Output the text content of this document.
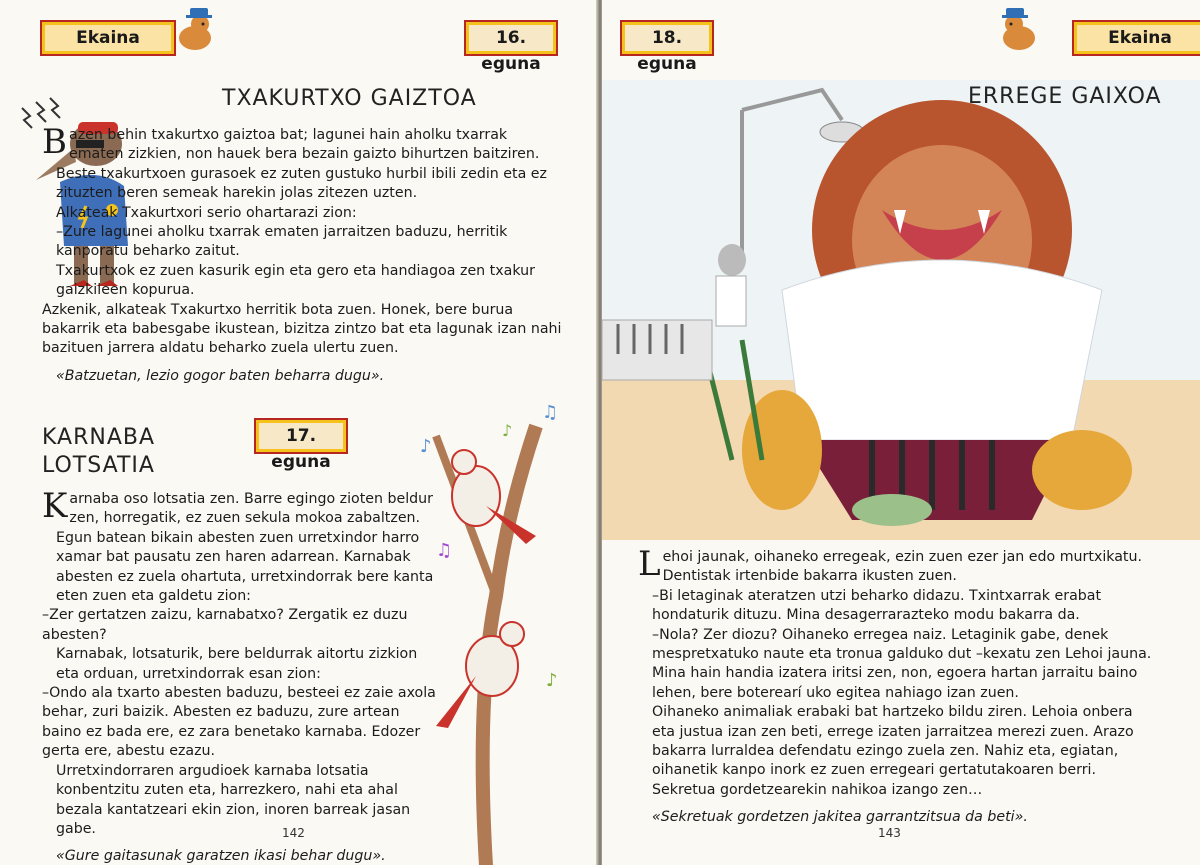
Ekaina	16. eguna
TXAKURTXO GAIZTOA

Bazen behin txakurtxo gaiztoa bat; lagunei hain aholku txarrak ematen zizkien, non hauek bera bezain gaizto bihurtzen baitziren.

Beste txakurtxoen gurasoek ez zuten gustuko hurbil ibili zedin eta ez zituzten beren semeak harekin jolas zitezen uzten.

Alkateak Txakurtxori serio ohartarazi zion:

–Zure lagunei aholku txarrak ematen jarraitzen baduzu, herritik kanporatu beharko zaitut.

Txakurtxok ez zuen kasurik egin eta gero eta handiagoa zen txakur gaizkileen kopurua.

Azkenik, alkateak Txakurtxo herritik bota zuen. Honek, bere burua bakarrik eta babesgabe ikustean, bizitza zintzo bat eta lagunak izan nahi bazituen jarrera aldatu beharko zuela ulertu zuen.

«Batzuetan, lezio gogor baten beharra dugu».

KARNABA
LOTSATIA
17. eguna

Karnaba oso lotsatia zen. Barre egingo zioten beldur zen, horregatik, ez zuen sekula mokoa zabaltzen.

Egun batean bikain abesten zuen urretxindor harro xamar bat pausatu zen haren adarrean. Karnabak abesten ez zuela ohartuta, urretxindorrak bere kanta eten zuen eta galdetu zion:

–Zer gertatzen zaizu, karnabatxo? Zergatik ez duzu abesten?

Karnabak, lotsaturik, bere beldurrak aitortu zizkion eta orduan, urretxindorrak esan zion:

–Ondo ala txarto abesten baduzu, besteei ez zaie axola behar, zuri baizik. Abesten ez baduzu, zure artean baino ez bada ere, ez zara benetako karnaba. Edozer gerta ere, abestu ezazu.

Urretxindorraren argudioek karnaba lotsatia konbentzitu zuten eta, harrezkero, nahi eta ahal bezala kantatzeari ekin zion, inoren barreak jasan gabe.

«Gure gaitasunak garatzen ikasi behar dugu».

♫
♪
♪
♫
♪
142
18. eguna
Ekaina
ERREGE GAIXOA

Lehoi jaunak, oihaneko erregeak, ezin zuen ezer jan edo murtxikatu.

Dentistak irtenbide bakarra ikusten zuen.

–Bi letaginak ateratzen utzi beharko didazu. Txintxarrak erabat hondaturik dituzu. Mina desagerrarazteko modu bakarra da.

–Nola? Zer diozu? Oihaneko erregea naiz. Letaginik gabe, denek mespretxatuko naute eta tronua galduko dut –kexatu zen Lehoi jauna.

Mina hain handia izatera iritsi zen, non, egoera hartan jarraitu baino lehen, bere boterearí uko egitea nahiago izan zuen.

Oihaneko animaliak erabaki bat hartzeko bildu ziren. Lehoia onbera eta justua izan zen beti, errege izaten jarraitzea merezi zuen. Arazo bakarra lurraldea defendatu ezingo zuela zen. Nahiz eta, egiatan, oihanetik kanpo inork ez zuen erregeari gertatutakoaren berri. Sekretua gordetzearekin nahikoa izango zen…

«Sekretuak gordetzen jakitea garrantzitsua da beti».

143
